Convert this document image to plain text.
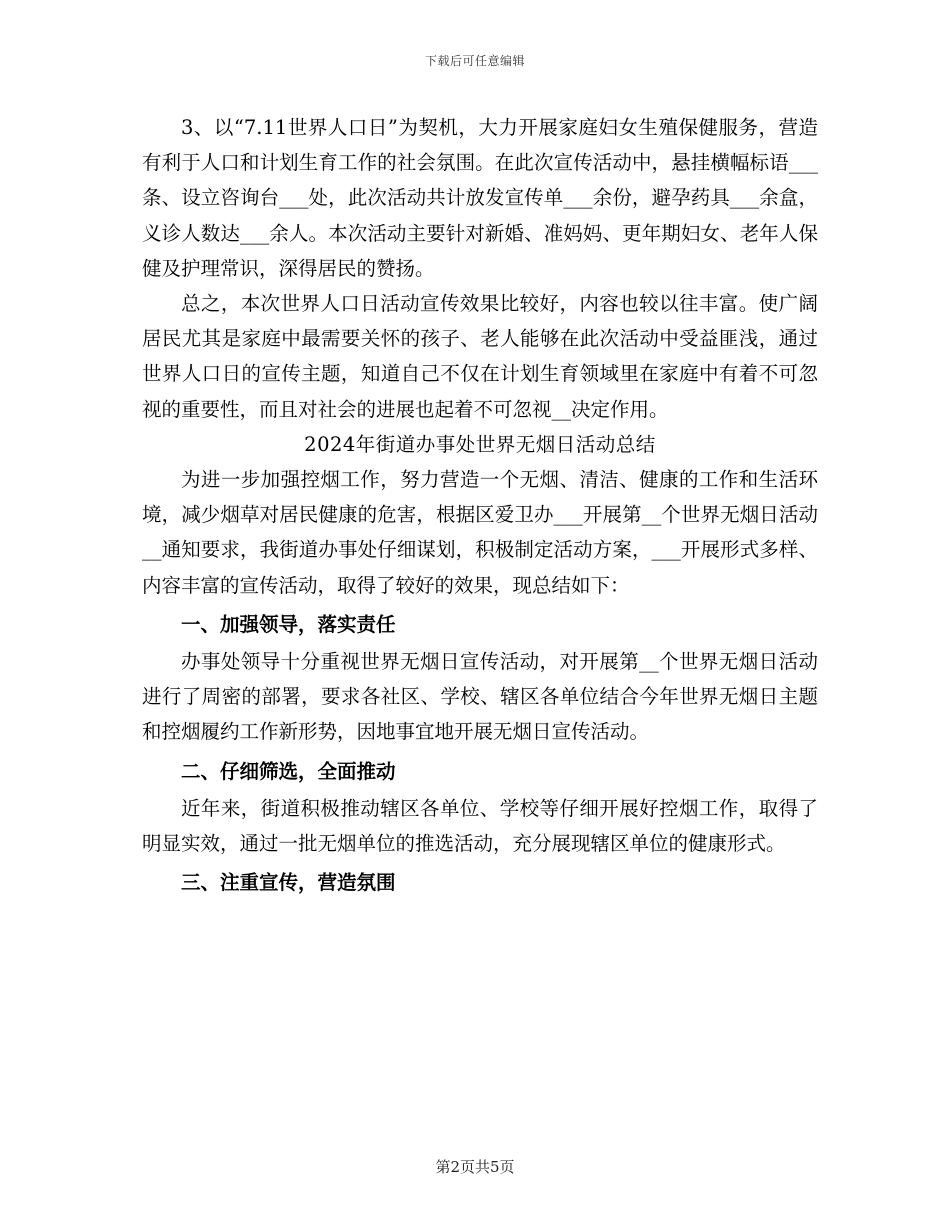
下载后可任意编辑

3、以“7.11世界人口日”为契机，大力开展家庭妇女生殖保健服务，营造有利于人口和计划生育工作的社会氛围。在此次宣传活动中，悬挂横幅标语___条、设立咨询台___处，此次活动共计放发宣传单___余份，避孕药具___余盒，义诊人数达___余人。本次活动主要针对新婚、准妈妈、更年期妇女、老年人保健及护理常识，深得居民的赞扬。

总之，本次世界人口日活动宣传效果比较好，内容也较以往丰富。使广阔居民尤其是家庭中最需要关怀的孩子、老人能够在此次活动中受益匪浅，通过世界人口日的宣传主题，知道自己不仅在计划生育领域里在家庭中有着不可忽视的重要性，而且对社会的进展也起着不可忽视__决定作用。

2024年街道办事处世界无烟日活动总结

为进一步加强控烟工作，努力营造一个无烟、清洁、健康的工作和生活环境，减少烟草对居民健康的危害，根据区爱卫办___开展第__个世界无烟日活动__通知要求，我街道办事处仔细谋划，积极制定活动方案，___开展形式多样、内容丰富的宣传活动，取得了较好的效果，现总结如下：

一、加强领导，落实责任

办事处领导十分重视世界无烟日宣传活动，对开展第__个世界无烟日活动进行了周密的部署，要求各社区、学校、辖区各单位结合今年世界无烟日主题和控烟履约工作新形势，因地事宜地开展无烟日宣传活动。

二、仔细筛选，全面推动

近年来，街道积极推动辖区各单位、学校等仔细开展好控烟工作，取得了明显实效，通过一批无烟单位的推选活动，充分展现辖区单位的健康形式。

三、注重宣传，营造氛围
第2页共5页
